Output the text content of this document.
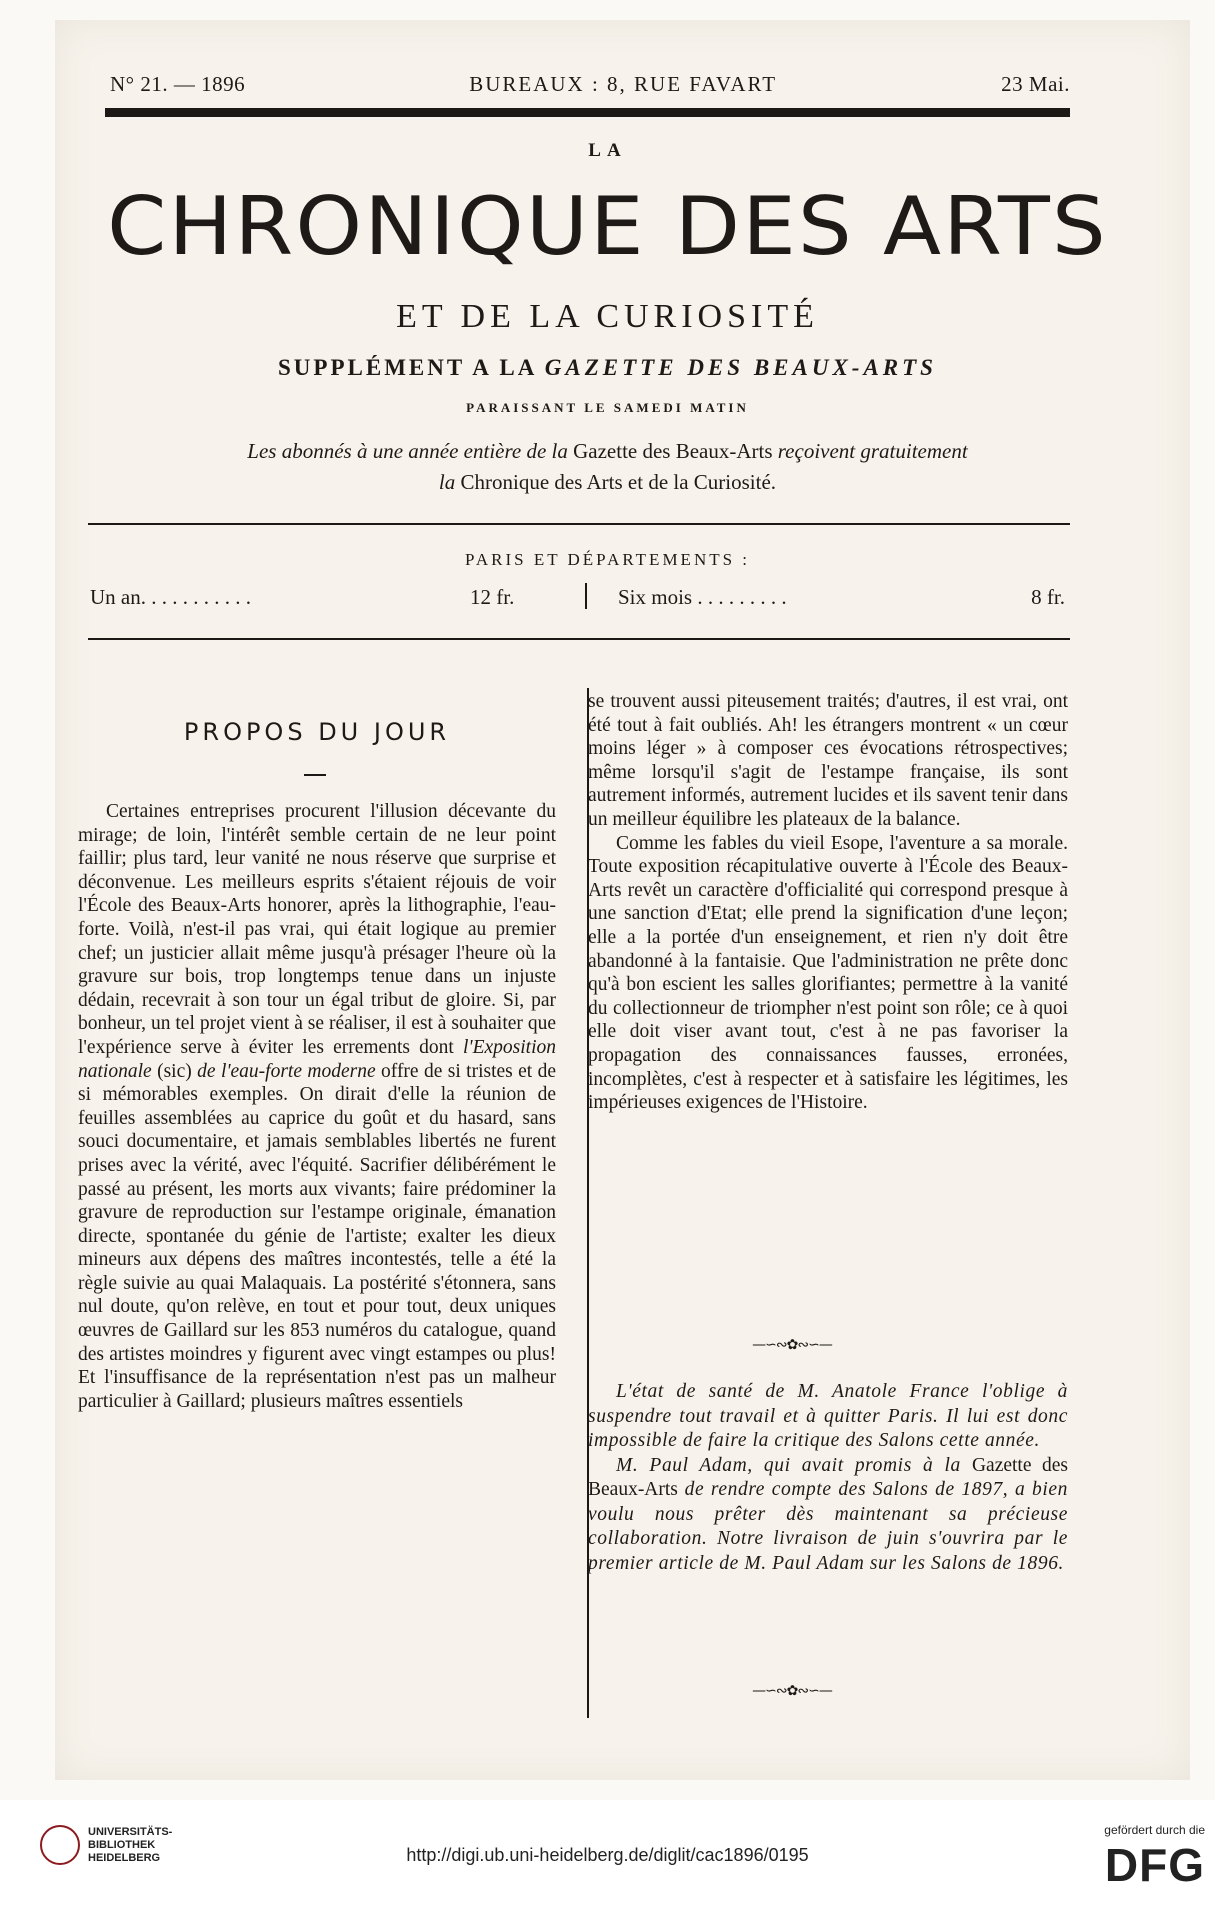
N° 21. — 1896	BUREAUX : 8, RUE FAVART	23 Mai.
LA
CHRONIQUE DES ARTS
ET DE LA CURIOSITÉ
SUPPLÉMENT A LA GAZETTE DES BEAUX-ARTS
PARAISSANT LE SAMEDI MATIN
Les abonnés à une année entière de la Gazette des Beaux-Arts reçoivent gratuitement
la Chronique des Arts et de la Curiosité.
PARIS ET DÉPARTEMENTS :
Un an. . . . . . . . . . .	12 fr.	Six mois . . . . . . . . .	8 fr.
PROPOS DU JOUR

Certaines entreprises procurent l'illusion décevante du mirage; de loin, l'intérêt semble certain de ne leur point faillir; plus tard, leur vanité ne nous réserve que surprise et déconvenue. Les meilleurs esprits s'étaient réjouis de voir l'École des Beaux-Arts honorer, après la lithographie, l'eau-forte. Voilà, n'est-il pas vrai, qui était logique au premier chef; un justicier allait même jusqu'à présager l'heure où la gravure sur bois, trop longtemps tenue dans un injuste dédain, recevrait à son tour un égal tribut de gloire. Si, par bonheur, un tel projet vient à se réaliser, il est à souhaiter que l'expérience serve à éviter les errements dont l'Exposition nationale (sic) de l'eau-forte moderne offre de si tristes et de si mémorables exemples. On dirait d'elle la réunion de feuilles assemblées au caprice du goût et du hasard, sans souci documentaire, et jamais semblables libertés ne furent prises avec la vérité, avec l'équité. Sacrifier délibérément le passé au présent, les morts aux vivants; faire prédominer la gravure de reproduction sur l'estampe originale, émanation directe, spontanée du génie de l'artiste; exalter les dieux mineurs aux dépens des maîtres incontestés, telle a été la règle suivie au quai Malaquais. La postérité s'étonnera, sans nul doute, qu'on relève, en tout et pour tout, deux uniques œuvres de Gaillard sur les 853 numéros du catalogue, quand des artistes moindres y figurent avec vingt estampes ou plus! Et l'insuffisance de la représentation n'est pas un malheur particulier à Gaillard; plusieurs maîtres essentiels

se trouvent aussi piteusement traités; d'autres, il est vrai, ont été tout à fait oubliés. Ah! les étrangers montrent « un cœur moins léger » à composer ces évocations rétrospectives; même lorsqu'il s'agit de l'estampe française, ils sont autrement informés, autrement lucides et ils savent tenir dans un meilleur équilibre les plateaux de la balance.

Comme les fables du vieil Esope, l'aventure a sa morale. Toute exposition récapitulative ouverte à l'École des Beaux-Arts revêt un caractère d'officialité qui correspond presque à une sanction d'Etat; elle prend la signification d'une leçon; elle a la portée d'un enseignement, et rien n'y doit être abandonné à la fantaisie. Que l'administration ne prête donc qu'à bon escient les salles glorifiantes; permettre à la vanité du collectionneur de triompher n'est point son rôle; ce à quoi elle doit viser avant tout, c'est à ne pas favoriser la propagation des connaissances fausses, erronées, incomplètes, c'est à respecter et à satisfaire les légitimes, les impérieuses exigences de l'Histoire.

—∽∾✿∾∽—

L'état de santé de M. Anatole France l'oblige à suspendre tout travail et à quitter Paris. Il lui est donc impossible de faire la critique des Salons cette année.

M. Paul Adam, qui avait promis à la Gazette des Beaux-Arts de rendre compte des Salons de 1897, a bien voulu nous prêter dès maintenant sa précieuse collaboration. Notre livraison de juin s'ouvrira par le premier article de M. Paul Adam sur les Salons de 1896.

—∽∾✿∾∽—
UNIVERSITÄTS-
BIBLIOTHEK
HEIDELBERG	http://digi.ub.uni-heidelberg.de/diglit/cac1896/0195
gefördert durch die
DFG
